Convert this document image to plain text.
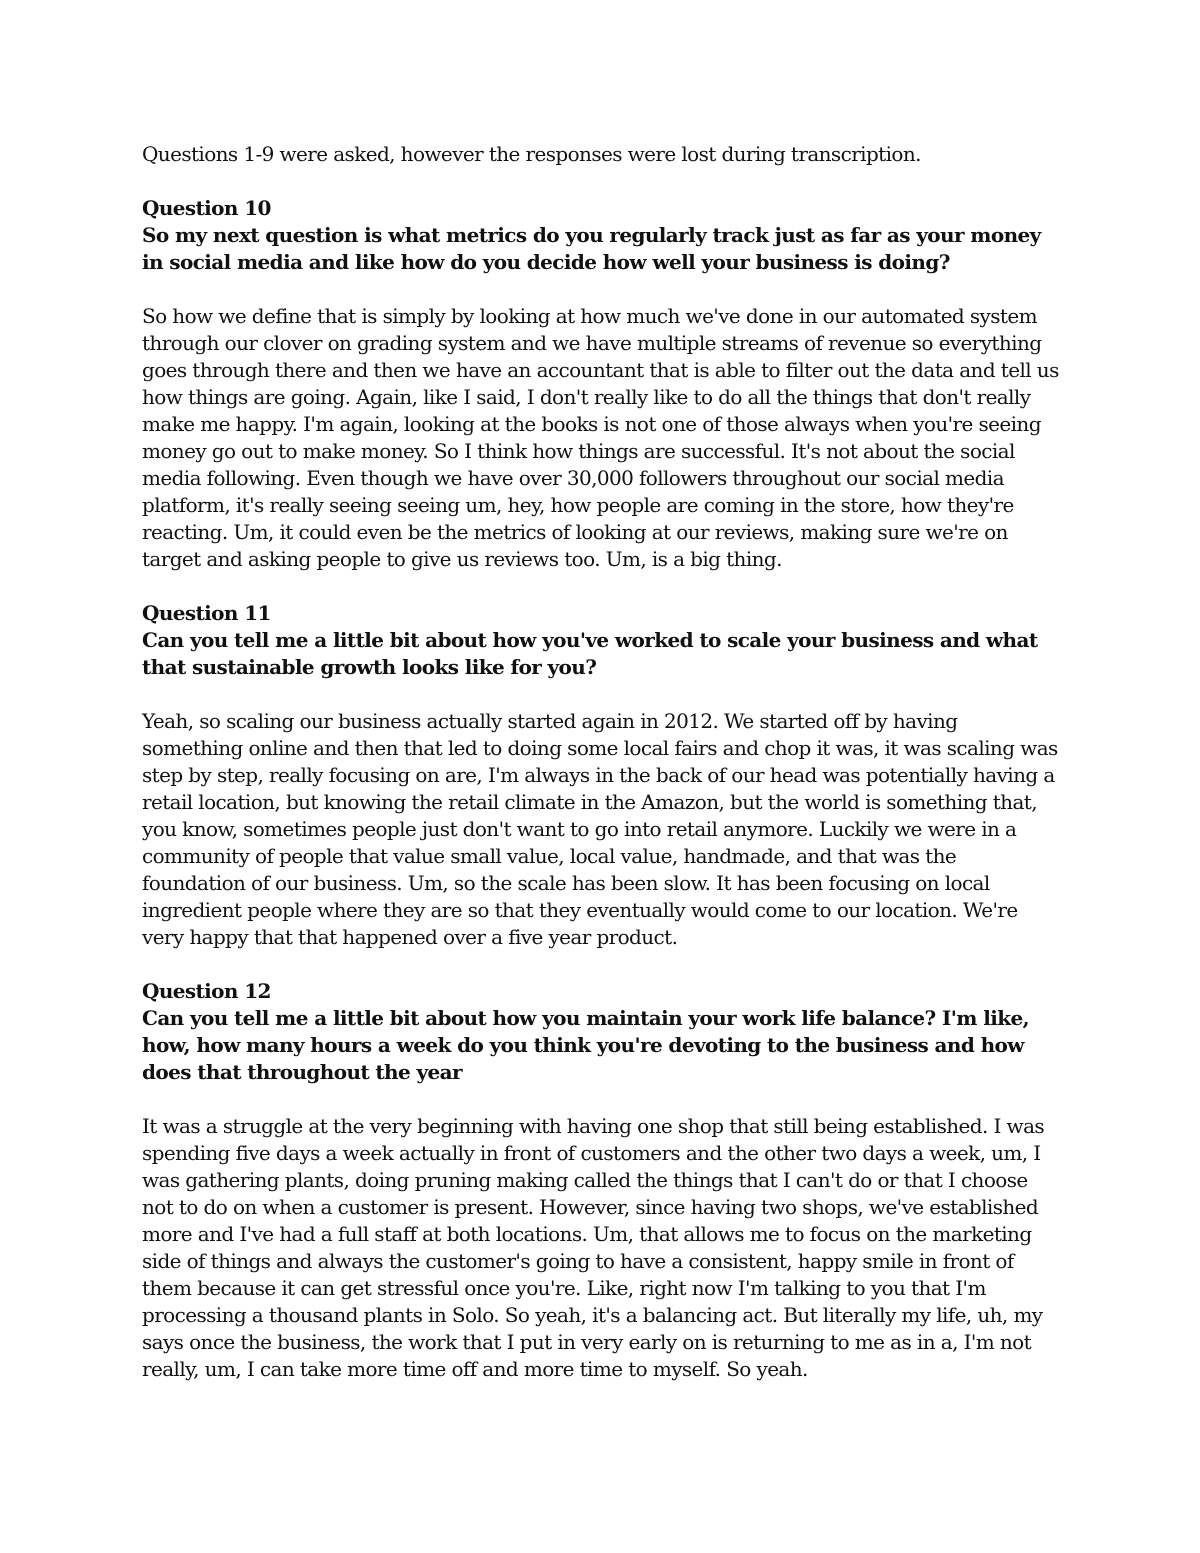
Questions 1-9 were asked, however the responses were lost during transcription.

Question 10

So my next question is what metrics do you regularly track just as far as your money in social media and like how do you decide how well your business is doing?

So how we define that is simply by looking at how much we've done in our automated system through our clover on grading system and we have multiple streams of revenue so everything goes through there and then we have an accountant that is able to filter out the data and tell us how things are going. Again, like I said, I don't really like to do all the things that don't really make me happy. I'm again, looking at the books is not one of those always when you're seeing money go out to make money. So I think how things are successful. It's not about the social media following. Even though we have over 30,000 followers throughout our social media platform, it's really seeing seeing um, hey, how people are coming in the store, how they're reacting. Um, it could even be the metrics of looking at our reviews, making sure we're on target and asking people to give us reviews too. Um, is a big thing.

Question 11

Can you tell me a little bit about how you've worked to scale your business and what that sustainable growth looks like for you?

Yeah, so scaling our business actually started again in 2012. We started off by having something online and then that led to doing some local fairs and chop it was, it was scaling was step by step, really focusing on are, I'm always in the back of our head was potentially having a retail location, but knowing the retail climate in the Amazon, but the world is something that, you know, sometimes people just don't want to go into retail anymore. Luckily we were in a community of people that value small value, local value, handmade, and that was the foundation of our business. Um, so the scale has been slow. It has been focusing on local ingredient people where they are so that they eventually would come to our location. We're very happy that that happened over a five year product.

Question 12

Can you tell me a little bit about how you maintain your work life balance? I'm like, how, how many hours a week do you think you're devoting to the business and how does that throughout the year

It was a struggle at the very beginning with having one shop that still being established. I was spending five days a week actually in front of customers and the other two days a week, um, I was gathering plants, doing pruning making called the things that I can't do or that I choose not to do on when a customer is present. However, since having two shops, we've established more and I've had a full staff at both locations. Um, that allows me to focus on the marketing side of things and always the customer's going to have a consistent, happy smile in front of them because it can get stressful once you're. Like, right now I'm talking to you that I'm processing a thousand plants in Solo. So yeah, it's a balancing act. But literally my life, uh, my says once the business, the work that I put in very early on is returning to me as in a, I'm not really, um, I can take more time off and more time to myself. So yeah.
